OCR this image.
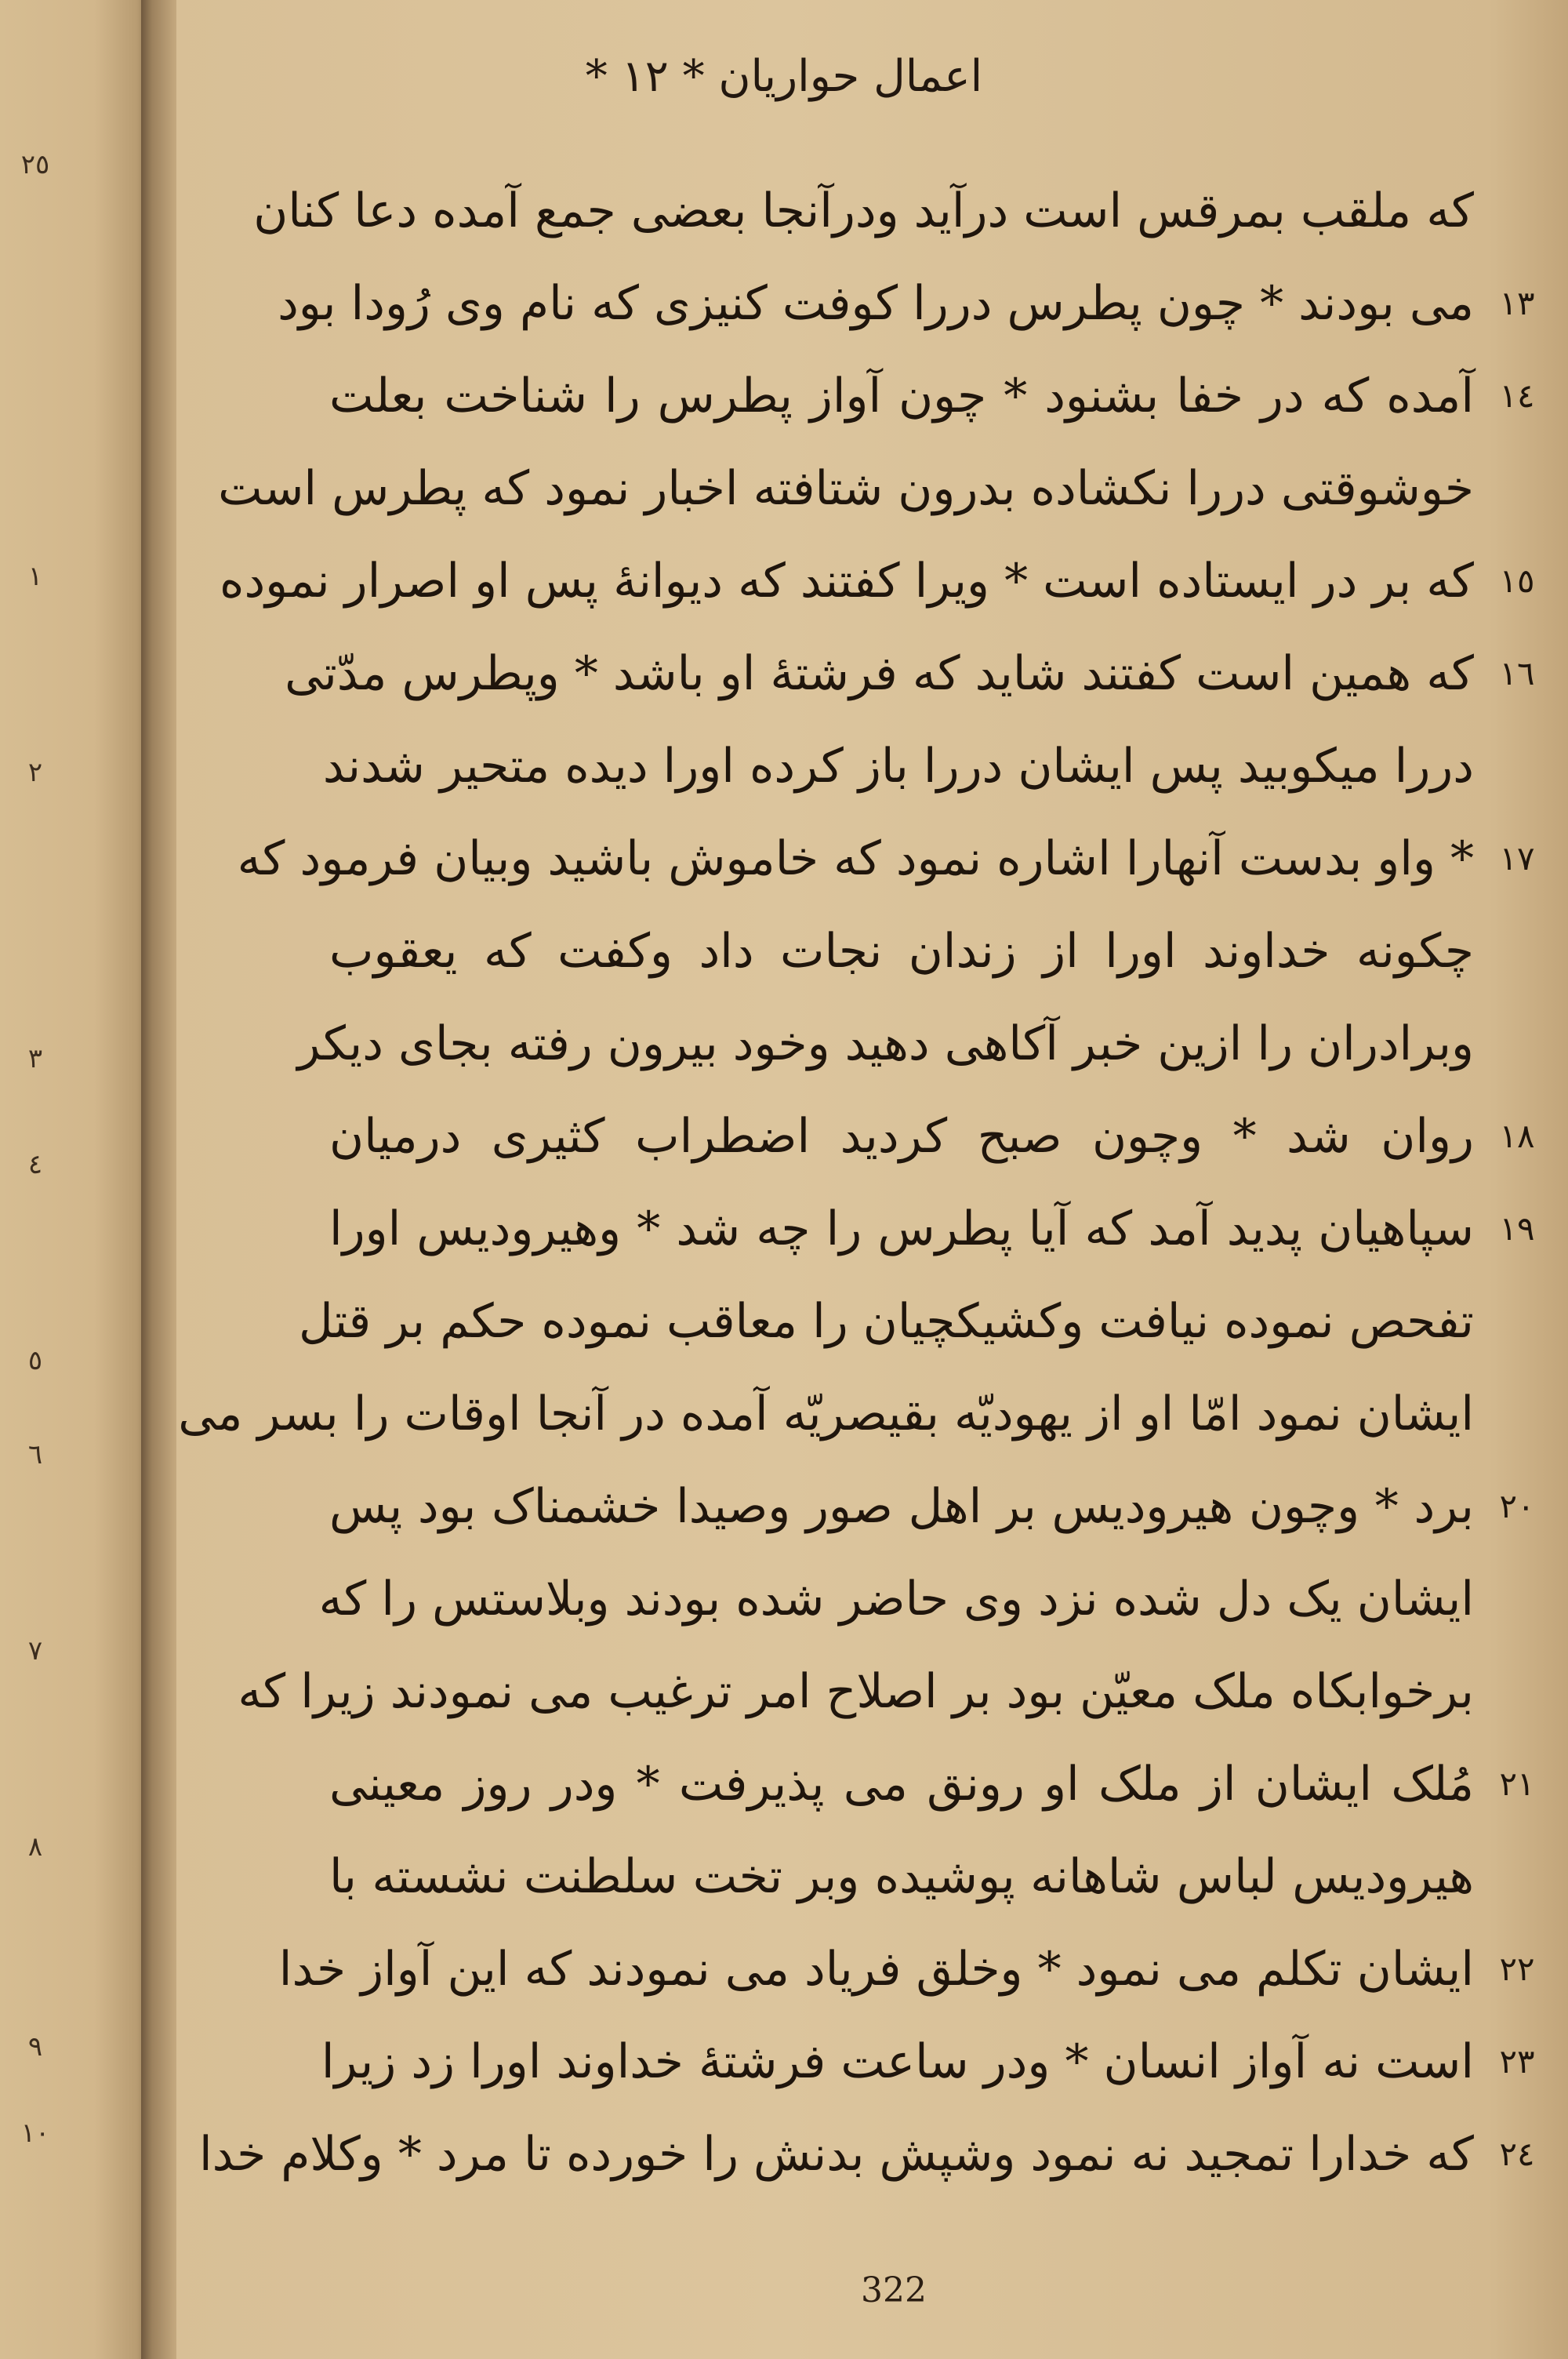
٢٥
١
٢
٣
٤
٥
٦
٧
٨
٩
١٠
اعمال حواريان * ١٢ *
که ملقب بمرقس است درآید ودرآنجا بعضی جمع آمده دعا کنان
می بودند * چون پطرس دررا کوفت کنیزی که نام وی رُودا بود ١٣
آمده که در خفا بشنود * چون آواز پطرس را شناخت بعلت ١٤
خوشوقتی دررا نکشاده بدرون شتافته اخبار نمود که پطرس است
که بر در ایستاده است * ویرا کفتند که دیوانهٔ پس او اصرار نموده ١٥
که همین است کفتند شاید که فرشتهٔ او باشد * وپطرس مدّتی ١٦
دررا میکوبید پس ایشان دررا باز کرده اورا دیده متحیر شدند
* واو بدست آنهارا اشاره نمود که خاموش باشید وبیان فرمود که ١٧
چکونه خداوند اورا از زندان نجات داد وکفت که یعقوب
وبرادران را ازین خبر آکاهی دهید وخود بیرون رفته بجای دیکر
روان شد * وچون صبح کردید اضطراب کثیری درمیان ١٨
سپاهیان پدید آمد که آیا پطرس را چه شد * وهیرودیس اورا ١٩
تفحص نموده نیافت وکشیکچیان را معاقب نموده حکم بر قتل
ایشان نمود امّا او از یهودیّه بقیصریّه آمده در آنجا اوقات را بسر می
برد * وچون هیرودیس بر اهل صور وصیدا خشمناک بود پس ٢٠
ایشان یک دل شده نزد وی حاضر شده بودند وبلاستس را که
برخوابکاه ملک معیّن بود بر اصلاح امر ترغیب می نمودند زیرا که
مُلک ایشان از ملک او رونق می پذیرفت * ودر روز معینی ٢١
هیرودیس لباس شاهانه پوشیده وبر تخت سلطنت نشسته با
ایشان تکلم می نمود * وخلق فریاد می نمودند که این آواز خدا ٢٢
است نه آواز انسان * ودر ساعت فرشتهٔ خداوند اورا زد زیرا ٢٣
که خدارا تمجید نه نمود وشپش بدنش را خورده تا مرد * وکلام خدا ٢٤
322
